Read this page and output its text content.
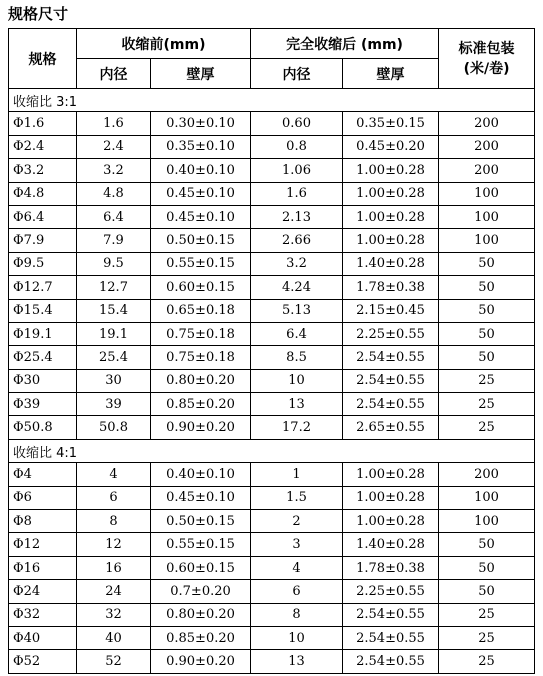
规格尺寸
规格	收缩前(mm)		完全收缩后 (mm)		标准包装
(米/卷)

	内径	壁厚	内径	壁厚	
收缩比 3:1					
Φ1.6	1.6	0.30±0.10	0.60	0.35±0.15	200
Φ2.4	2.4	0.35±0.10	0.8	0.45±0.20	200
Φ3.2	3.2	0.40±0.10	1.06	1.00±0.28	200
Φ4.8	4.8	0.45±0.10	1.6	1.00±0.28	100
Φ6.4	6.4	0.45±0.10	2.13	1.00±0.28	100
Φ7.9	7.9	0.50±0.15	2.66	1.00±0.28	100
Φ9.5	9.5	0.55±0.15	3.2	1.40±0.28	50
Φ12.7	12.7	0.60±0.15	4.24	1.78±0.38	50
Φ15.4	15.4	0.65±0.18	5.13	2.15±0.45	50
Φ19.1	19.1	0.75±0.18	6.4	2.25±0.55	50
Φ25.4	25.4	0.75±0.18	8.5	2.54±0.55	50
Φ30	30	0.80±0.20	10	2.54±0.55	25
Φ39	39	0.85±0.20	13	2.54±0.55	25
Φ50.8	50.8	0.90±0.20	17.2	2.65±0.55	25
收缩比 4:1					
Φ4	4	0.40±0.10	1	1.00±0.28	200
Φ6	6	0.45±0.10	1.5	1.00±0.28	100
Φ8	8	0.50±0.15	2	1.00±0.28	100
Φ12	12	0.55±0.15	3	1.40±0.28	50
Φ16	16	0.60±0.15	4	1.78±0.38	50
Φ24	24	0.7±0.20	6	2.25±0.55	50
Φ32	32	0.80±0.20	8	2.54±0.55	25
Φ40	40	0.85±0.20	10	2.54±0.55	25
Φ52	52	0.90±0.20	13	2.54±0.55	25
